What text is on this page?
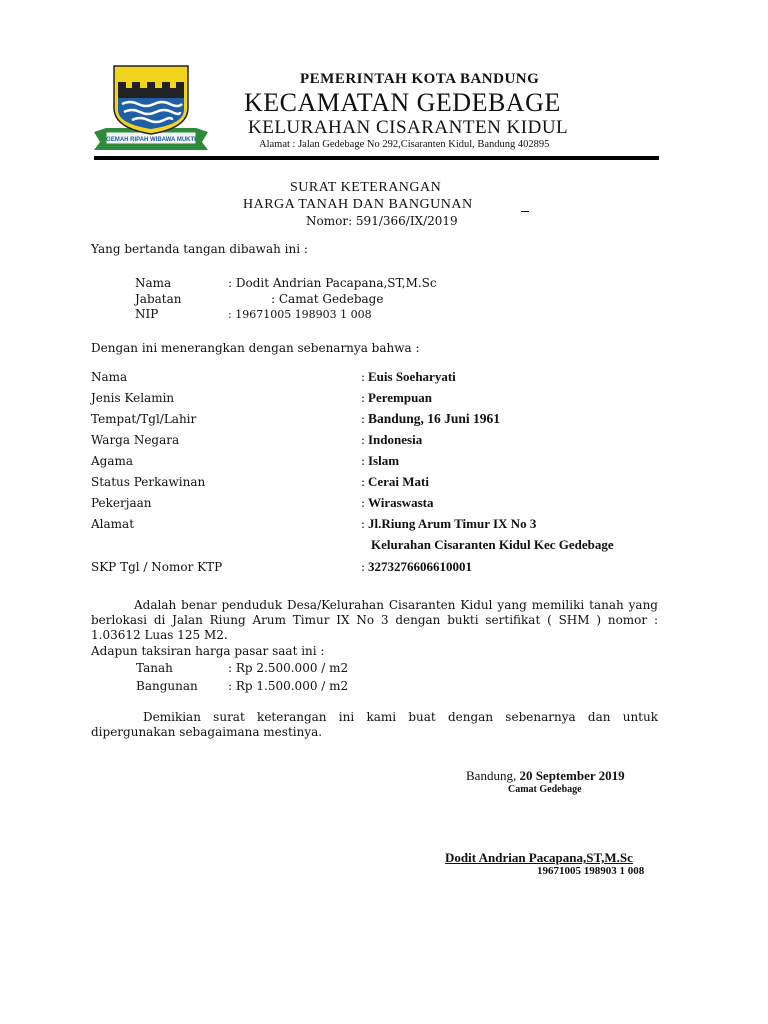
GEMAH RIPAH WIBAWA MUKTI
PEMERINTAH KOTA BANDUNG
KECAMATAN GEDEBAGE
KELURAHAN CISARANTEN KIDUL
Alamat : Jalan Gedebage No 292,Cisaranten Kidul, Bandung 402895
SURAT KETERANGAN
HARGA TANAH DAN BANGUNAN
Nomor: 591/366/IX/2019
Yang bertanda tangan dibawah ini :
Nama	: Dodit Andrian Pacapana,ST,M.Sc
Jabatan	: Camat Gedebage
NIP	: 19671005 198903 1 008
Dengan ini menerangkan dengan sebenarnya bahwa :
Nama	: Euis Soeharyati
Jenis Kelamin	: Perempuan
Tempat/Tgl/Lahir	: Bandung, 16 Juni 1961
Warga Negara	: Indonesia
Agama	: Islam
Status Perkawinan	: Cerai Mati
Pekerjaan	: Wiraswasta
Alamat	: Jl.Riung Arum Timur IX No 3
Kelurahan Cisaranten Kidul Kec Gedebage
SKP Tgl / Nomor KTP	: 3273276606610001
Adalah benar penduduk Desa/Kelurahan Cisaranten Kidul yang memiliki tanah yang berlokasi di Jalan Riung Arum Timur IX No 3 dengan bukti sertifikat ( SHM ) nomor : 1.03612 Luas 125 M2.
Adapun taksiran harga pasar saat ini :
Tanah	: Rp 2.500.000 / m2
Bangunan	: Rp 1.500.000 / m2
Demikian surat keterangan ini kami buat dengan sebenarnya dan untuk dipergunakan sebagaimana mestinya.
Bandung, 20 September 2019
Camat Gedebage
Dodit Andrian Pacapana,ST,M.Sc
19671005 198903 1 008
